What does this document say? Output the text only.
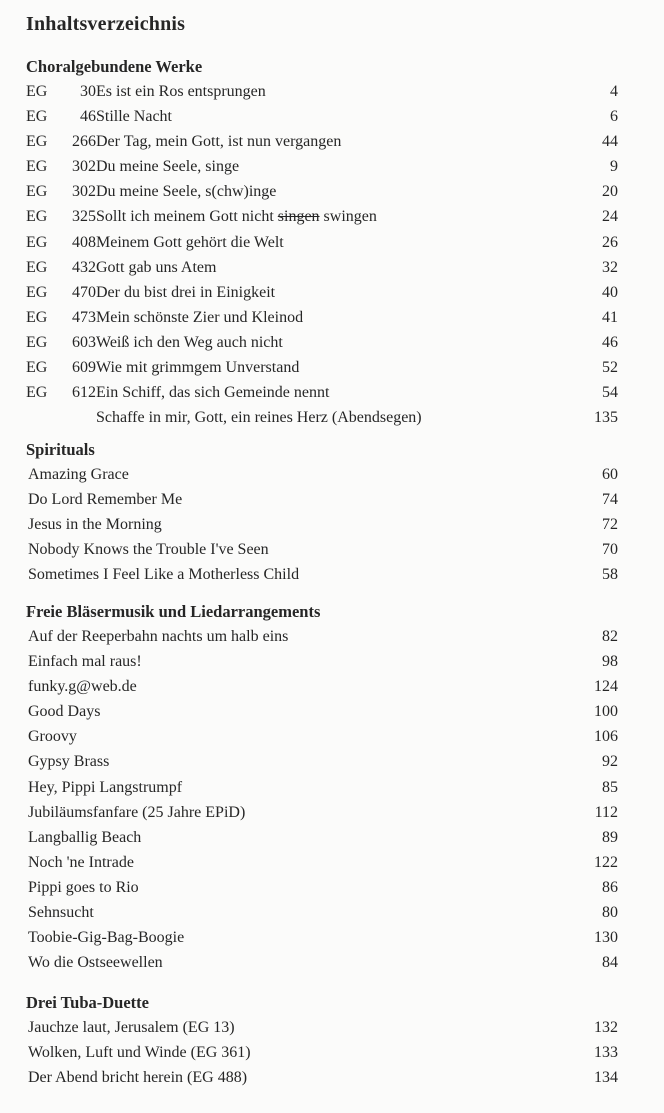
Inhaltsverzeichnis
Choralgebundene Werke
EG 30 Es ist ein Ros entsprungen	4
EG 46 Stille Nacht	6
EG 266 Der Tag, mein Gott, ist nun vergangen	44
EG 302 Du meine Seele, singe	9
EG 302 Du meine Seele, s(chw)inge	20
EG 325 Sollt ich meinem Gott nicht singen swingen	24
EG 408 Meinem Gott gehört die Welt	26
EG 432 Gott gab uns Atem	32
EG 470 Der du bist drei in Einigkeit	40
EG 473 Mein schönste Zier und Kleinod	41
EG 603 Weiß ich den Weg auch nicht	46
EG 609 Wie mit grimmgem Unverstand	52
EG 612 Ein Schiff, das sich Gemeinde nennt	54
Schaffe in mir, Gott, ein reines Herz (Abendsegen)	135
Spirituals
Amazing Grace	60
Do Lord Remember Me	74
Jesus in the Morning	72
Nobody Knows the Trouble I've Seen	70
Sometimes I Feel Like a Motherless Child	58
Freie Bläsermusik und Liedarrangements
Auf der Reeperbahn nachts um halb eins	82
Einfach mal raus!	98
funky.g@web.de	124
Good Days	100
Groovy	106
Gypsy Brass	92
Hey, Pippi Langstrumpf	85
Jubiläumsfanfare (25 Jahre EPiD)	112
Langballig Beach	89
Noch 'ne Intrade	122
Pippi goes to Rio	86
Sehnsucht	80
Toobie-Gig-Bag-Boogie	130
Wo die Ostseewellen	84
Drei Tuba-Duette
Jauchze laut, Jerusalem (EG 13)	132
Wolken, Luft und Winde (EG 361)	133
Der Abend bricht herein (EG 488)	134
